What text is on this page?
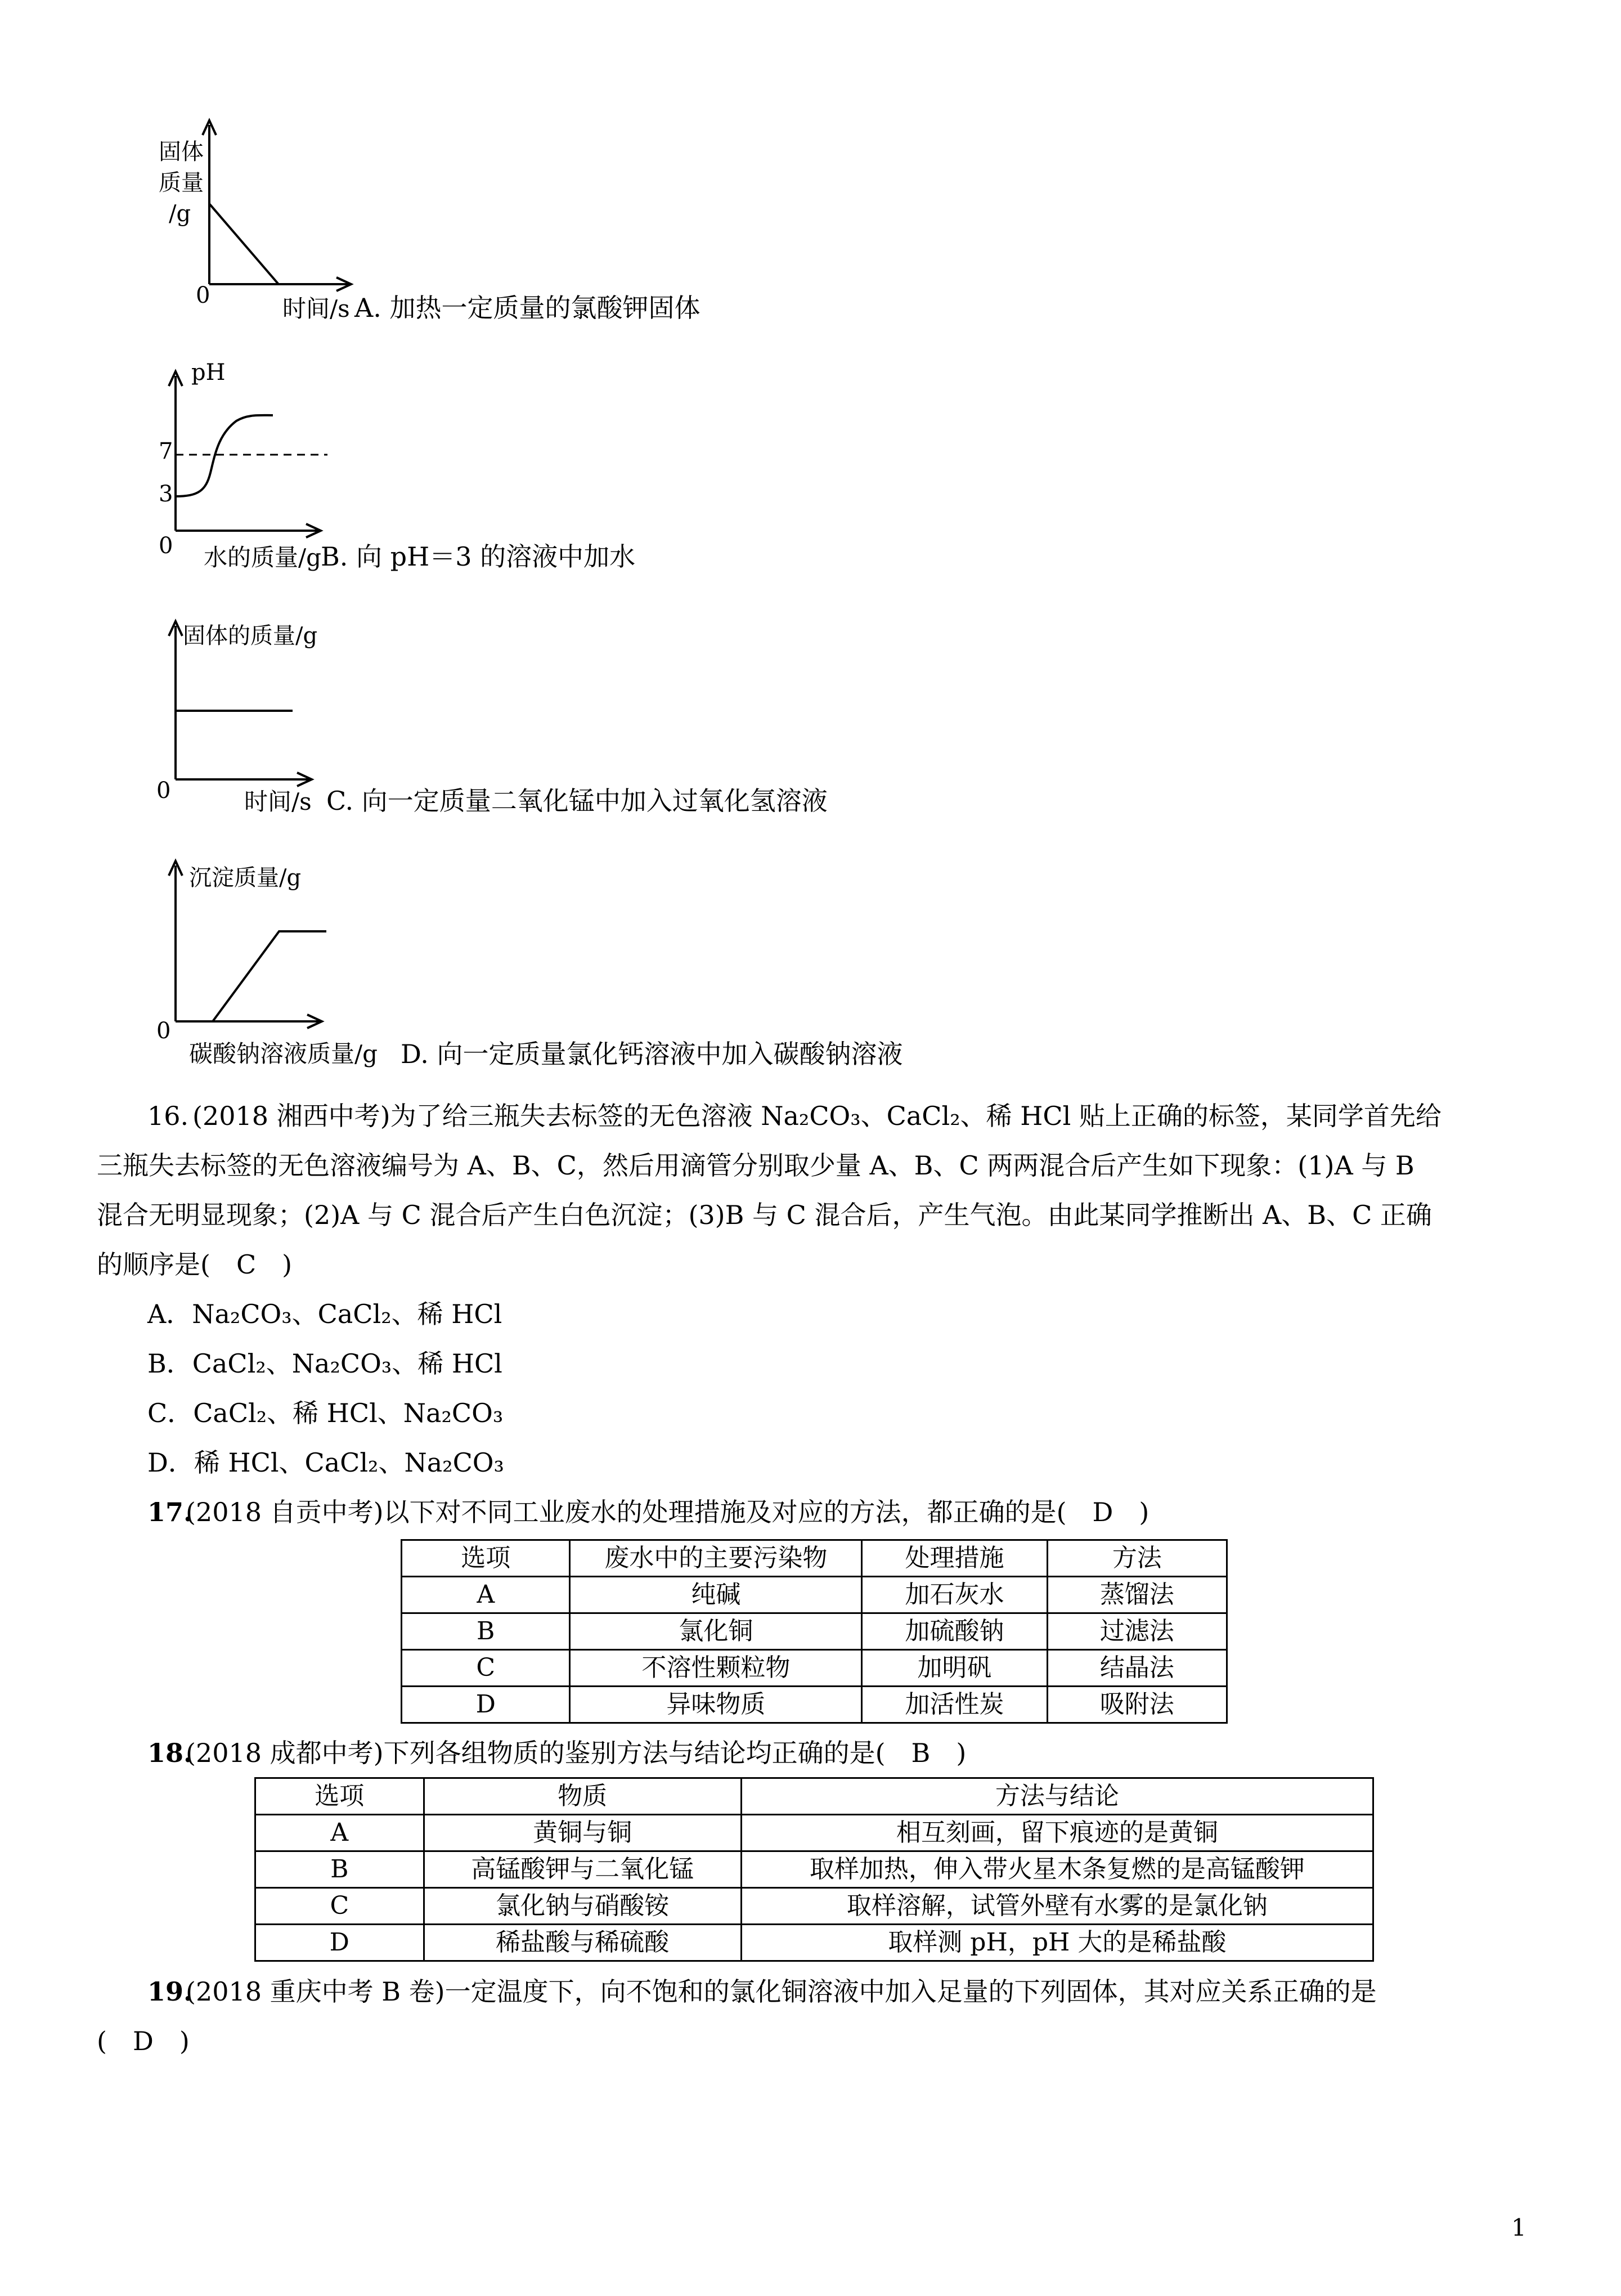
固体
质量
/g
0	时间/s A. 加热一定质量的氯酸钾固体
pH
7
3
0 水的质量/g
B. 向 pH＝3 的溶液中加水
固体的质量/g
0	时间/s C. 向一定质量二氧化锰中加入过氧化氢溶液
沉淀质量/g
0
碳酸钠溶液质量/g D. 向一定质量氯化钙溶液中加入碳酸钠溶液
16. (2018 湘西中考)为了给三瓶失去标签的无色溶液 Na₂CO₃、CaCl₂、稀 HCl 贴上正确的标签，某同学首先给
三瓶失去标签的无色溶液编号为 A、B、C，然后用滴管分别取少量 A、B、C 两两混合后产生如下现象：(1)A 与 B
混合无明显现象；(2)A 与 C 混合后产生白色沉淀；(3)B 与 C 混合后，产生气泡。由此某同学推断出 A、B、C 正确
的顺序是(　C　)
A．Na₂CO₃、CaCl₂、稀 HCl
B．CaCl₂、Na₂CO₃、稀 HCl
C．CaCl₂、稀 HCl、Na₂CO₃
D．稀 HCl、CaCl₂、Na₂CO₃
17.
(2018 自贡中考)以下对不同工业废水的处理措施及对应的方法，都正确的是(　D　)
选项	废水中的主要污染物	处理措施	方法
A	纯碱	加石灰水	蒸馏法
B	氯化铜	加硫酸钠	过滤法
C	不溶性颗粒物	加明矾	结晶法
D	异味物质	加活性炭	吸附法
18.
(2018 成都中考)下列各组物质的鉴别方法与结论均正确的是(　B　)
选项	物质	方法与结论
A	黄铜与铜	相互刻画，留下痕迹的是黄铜
B	高锰酸钾与二氧化锰	取样加热，伸入带火星木条复燃的是高锰酸钾
C	氯化钠与硝酸铵	取样溶解，试管外壁有水雾的是氯化钠
D	稀盐酸与稀硫酸	取样测 pH，pH 大的是稀盐酸
19.
(2018 重庆中考 B 卷)一定温度下，向不饱和的氯化铜溶液中加入足量的下列固体，其对应关系正确的是
(　D　)
1
